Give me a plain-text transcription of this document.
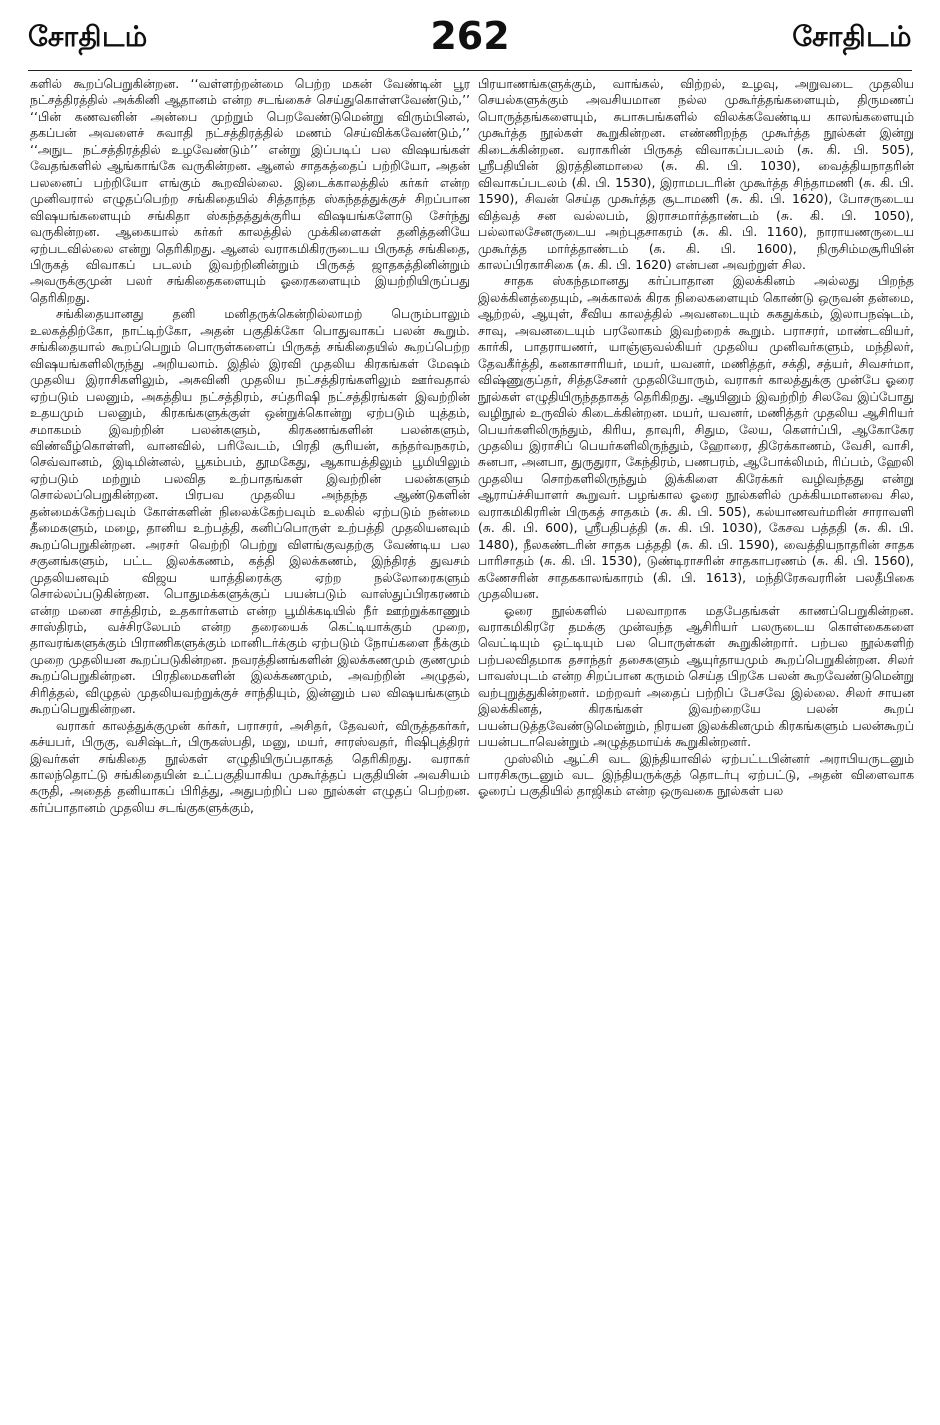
சோதிடம்	262	சோதிடம்

களில் கூறப்பெறுகின்றன. ‘‘வள்ளற்றன்மை பெற்ற மகன் வேண்டின் பூர நட்சத்திரத்தில் அக்கினி ஆதானம் என்ற சடங்கைச் செய்துகொள்ளவேண்டும்,’’ ‘‘பின் கணவனின் அன்பை முற்றும் பெறவேண்டுமென்று விரும்பினல், தகப்பன் அவளைச் சுவாதி நட்சத்திரத்தில் மணம் செய்விக்கவேண்டும்,’’ ‘‘அநுட நட்சத்திரத்தில் உழவேண்டும்’’ என்று இப்படிப் பல விஷயங்கள் வேதங்களில் ஆங்காங்கே வருகின்றன. ஆனல் சாதகத்தைப் பற்றியோ, அதன் பலனைப் பற்றியோ எங்கும் கூறவில்லை. இடைக்காலத்தில் கர்கர் என்ற முனிவரால் எழுதப்பெற்ற சங்கிதையில் சித்தாந்த ஸ்கந்தத்துக்குச் சிறப்பான விஷயங்களையும் சங்கிதா ஸ்கந்தத்துக்குரிய விஷயங்களோடு சேர்ந்து வருகின்றன. ஆகையால் கர்கர் காலத்தில் முக்கிளைகள் தனித்தனியே ஏற்படவில்லை என்று தெரிகிறது. ஆனல் வராகமிகிரருடைய பிருகத் சங்கிதை, பிருகத் விவாகப் படலம் இவற்றினின்றும் பிருகத் ஜாதகத்தினின்றும் அவருக்குமுன் பலர் சங்கிதைகளையும் ஓரைகளையும் இயற்றியிருப்பது தெரிகிறது.

சங்கிதையானது தனி மனிதருக்கென்றில்லாமற் பெரும்பாலும் உலகத்திற்கோ, நாட்டிற்கோ, அதன் பகுதிக்கோ பொதுவாகப் பலன் கூறும். சங்கிதையால் கூறப்பெறும் பொருள்களைப் பிருகத் சங்கிதையில் கூறப்பெற்ற விஷயங்களிலிருந்து அறியலாம். இதில் இரவி முதலிய கிரகங்கள் மேஷம் முதலிய இராசிகளிலும், அசுவினி முதலிய நட்சத்திரங்களிலும் ஊர்வதால் ஏற்படும் பலனும், அகத்திய நட்சத்திரம், சப்தரிஷி நட்சத்திரங்கள் இவற்றின் உதயமும் பலனும், கிரகங்களுக்குள் ஒன்றுக்கொன்று ஏற்படும் யுத்தம், சமாகமம் இவற்றின் பலன்களும், கிரகணங்களின் பலன்களும், விண்வீழ்கொள்ளி, வானவில், பரிவேடம், பிரதி சூரியன், கந்தர்வநகரம், செவ்வானம், இடிமின்னல், பூகம்பம், தூமகேது, ஆகாயத்திலும் பூமியிலும் ஏற்படும் மற்றும் பலவித உற்பாதங்கள் இவற்றின் பலன்களும் சொல்லப்பெறுகின்றன. பிரபவ முதலிய அந்தந்த ஆண்டுகளின் தன்மைக்கேற்பவும் கோள்களின் நிலைக்கேற்பவும் உலகில் ஏற்படும் நன்மை தீமைகளும், மழை, தானிய உற்பத்தி, கனிப்பொருள் உற்பத்தி முதலியனவும் கூறப்பெறுகின்றன. அரசர் வெற்றி பெற்று விளங்குவதற்கு வேண்டிய பல சகுனங்களும், பட்ட இலக்கணம், கத்தி இலக்கணம், இந்திரத் துவசம் முதலியனவும் விஜய யாத்திரைக்கு ஏற்ற நல்லோரைகளும் சொல்லப்படுகின்றன. பொதுமக்களுக்குப் பயன்படும் வாஸ்துப்பிரகரணம் என்ற மனை சாத்திரம், உதகார்களம் என்ற பூமிக்கடியில் நீர் ஊற்றுக்காணும் சாஸ்திரம், வச்சிரலேபம் என்ற தரையைக் கெட்டியாக்கும் முறை, தாவரங்களுக்கும் பிராணிகளுக்கும் மானிடர்க்கும் ஏற்படும் நோய்களை நீக்கும் முறை முதலியன கூறப்படுகின்றன. நவரத்தினங்களின் இலக்கணமும் குணமும் கூறப்பெறுகின்றன. பிரதிமைகளின் இலக்கணமும், அவற்றின் அழுதல், சிரித்தல், விழுதல் முதலியவற்றுக்குச் சாந்தியும், இன்னும் பல விஷயங்களும் கூறப்பெறுகின்றன.

வராகர் காலத்துக்குமுன் கர்கர், பராசரர், அசிதர், தேவலர், விருத்தகர்கர், கச்யபர், பிருகு, வசிஷ்டர், பிருகஸ்பதி, மனு, மயர், சாரஸ்வதர், ரிஷிபுத்திரர் இவர்கள் சங்கிதை நூல்கள் எழுதியிருப்பதாகத் தெரிகிறது. வராகர் காலந்தொட்டு சங்கிதையின் உட்பகுதியாகிய முகூர்த்தப் பகுதியின் அவசியம் கருதி, அதைத் தனியாகப் பிரித்து, அதுபற்றிப் பல நூல்கள் எழுதப் பெற்றன. கர்ப்பாதானம் முதலிய சடங்குகளுக்கும்,

பிரயாணங்களுக்கும், வாங்கல், விற்றல், உழவு, அறுவடை முதலிய செயல்களுக்கும் அவசியமான நல்ல முகூர்த்தங்களையும், திருமணப் பொருத்தங்களையும், சுபாசுபங்களில் விலக்கவேண்டிய காலங்களையும் முகூர்த்த நூல்கள் கூறுகின்றன. எண்ணிறந்த முகூர்த்த நூல்கள் இன்று கிடைக்கின்றன. வராகரின் பிருகத் விவாகப்படலம் (சு. கி. பி. 505), ஸ்ரீபதியின் இரத்தினமாலை (சு. கி. பி. 1030), வைத்தியநாதரின் விவாகப்படலம் (கி. பி. 1530), இராமபடரின் முகூர்த்த சிந்தாமணி (சு. கி. பி. 1590), சிவன் செய்த முகூர்த்த சூடாமணி (சு. கி. பி. 1620), போசருடைய வித்வத் சன வல்லபம், இராசமார்த்தாண்டம் (சு. கி. பி. 1050), பல்லாலசேனருடைய அற்புதசாகரம் (சு. கி. பி. 1160), நாராயணருடைய முகூர்த்த மார்த்தாண்டம் (சு. கி. பி. 1600), நிருசிம்மசூரியின் காலப்பிரகாசிகை (சு. கி. பி. 1620) என்பன அவற்றுள் சில.

சாதக ஸ்கந்தமானது கர்ப்பாதான இலக்கினம் அல்லது பிறந்த இலக்கினத்தையும், அக்காலக் கிரக நிலைகளையும் கொண்டு ஒருவன் தன்மை, ஆற்றல், ஆயுள், சீவிய காலத்தில் அவனடையும் சுகதுக்கம், இலாபநஷ்டம், சாவு, அவனடையும் பரலோகம் இவற்றைக் கூறும். பராசரர், மாண்டவியர், கார்கி, பாதராயணர், யாஞ்ஞவல்கியர் முதலிய முனிவர்களும், மந்திலர், தேவகீர்த்தி, கனகாசாரியர், மயர், யவனர், மணித்தர், சக்தி, சத்யர், சிவசர்மா, விஷ்ணுகுப்தர், சித்தசேனர் முதலியோரும், வராகர் காலத்துக்கு முன்பே ஓரை நூல்கள் எழுதியிருந்ததாகத் தெரிகிறது. ஆயினும் இவற்றிற் சிலவே இப்போது வழிநூல் உருவில் கிடைக்கின்றன. மயர், யவனர், மணித்தர் முதலிய ஆசிரியர் பெயர்களிலிருந்தும், கிரிய, தாவுரி, சிதும, லேய, கௌர்ப்பி, ஆகோகேர முதலிய இராசிப் பெயர்களிலிருந்தும், ஹோரை, திரேக்காணம், வேசி, வாசி, சுனபா, அனபா, துருதுரா, கேந்திரம், பணபரம், ஆபோக்லிமம், ரிப்பம், ஹேலி முதலிய சொற்களிலிருந்தும் இக்கிளை கிரேக்கர் வழிவந்தது என்று ஆராய்ச்சியாளர் கூறுவர். பழங்கால ஓரை நூல்களில் முக்கியமானவை சில, வராகமிகிரரின் பிருகத் சாதகம் (சு. கி. பி. 505), கல்யாணவர்மரின் சாராவளி (சு. கி. பி. 600), ஸ்ரீபதிபத்தி (சு. கி. பி. 1030), கேசவ பத்ததி (சு. கி. பி. 1480), நீலகண்டரின் சாதக பத்ததி (சு. கி. பி. 1590), வைத்தியநாதரின் சாதக பாரிசாதம் (சு. கி. பி. 1530), டுண்டிராசரின் சாதகாபரணம் (சு. கி. பி. 1560), கணேசரின் சாதககாலங்காரம் (கி. பி. 1613), மந்திரேசுவரரின் பலதீபிகை முதலியன.

ஓரை நூல்களில் பலவாறாக மதபேதங்கள் காணப்பெறுகின்றன. வராகமிகிரரே தமக்கு முன்வந்த ஆசிரியர் பலருடைய கொள்கைகளை வெட்டியும் ஒட்டியும் பல பொருள்கள் கூறுகின்றார். பற்பல நூல்களிற் பற்பலவிதமாக தசாந்தர் தசைகளும் ஆயுர்தாயமும் கூறப்பெறுகின்றன. சிலர் பாவஸ்புடம் என்ற சிறப்பான கருமம் செய்த பிறகே பலன் கூறவேண்டுமென்று வற்புறுத்துகின்றனர். மற்றவர் அதைப் பற்றிப் பேசவே இல்லை. சிலர் சாயன இலக்கினத், கிரகங்கள் இவற்றையே பலன் கூறப் பயன்படுத்தவேண்டுமென்றும், நிரயன இலக்கினமும் கிரகங்களும் பலன்கூறப் பயன்படாவென்றும் அழுத்தமாய்க் கூறுகின்றனர்.

முஸ்லிம் ஆட்சி வட இந்தியாவில் ஏற்பட்டபின்னர் அராபியருடனும் பாரசிகருடனும் வட இந்தியருக்குத் தொடர்பு ஏற்பட்டு, அதன் விளைவாக ஓரைப் பகுதியில் தாஜிகம் என்ற ஒருவகை நூல்கள் பல
